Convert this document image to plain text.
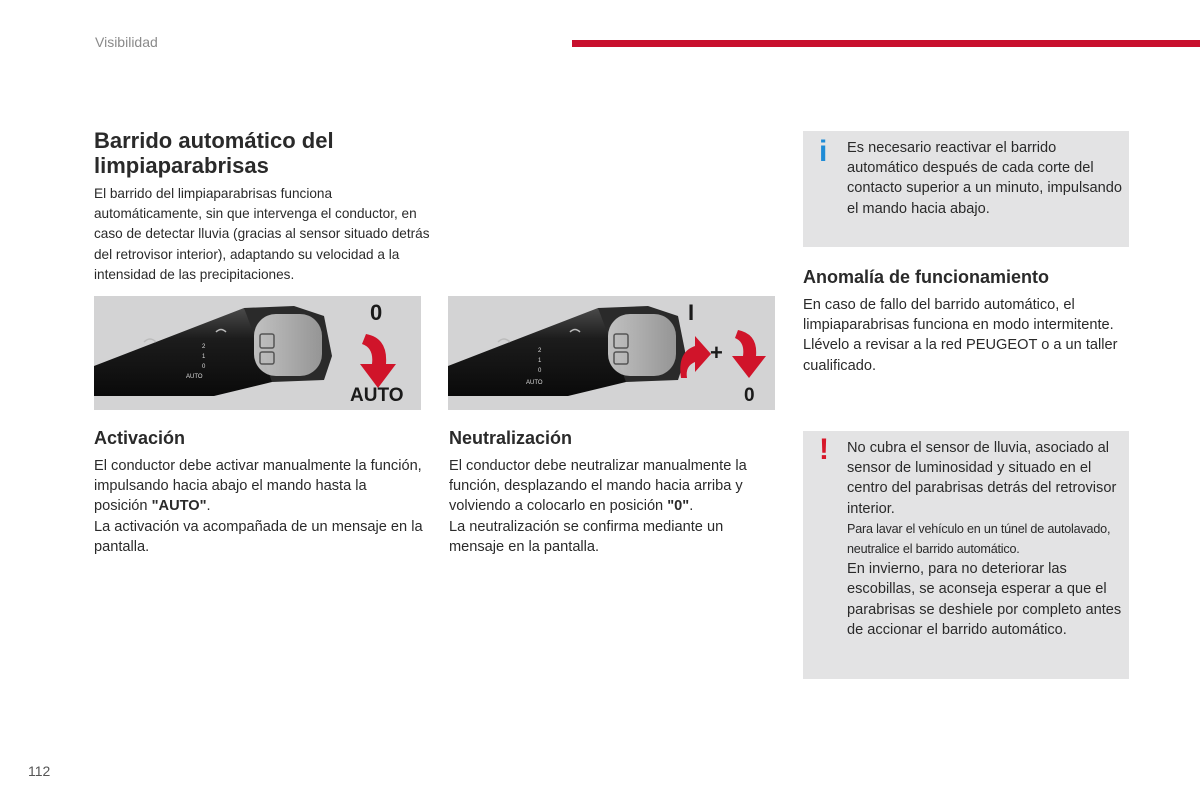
Visibilidad
Barrido automático del limpiaparabrisas

El barrido del limpiaparabrisas funciona automáticamente, sin que intervenga el conductor, en caso de detectar lluvia (gracias al sensor situado detrás del retrovisor interior), adaptando su velocidad a la intensidad de las precipitaciones.

AUTO
1
2
0
0
AUTO
AUTO
1
2
0
I
+
0
Activación

El conductor debe activar manualmente la función, impulsando hacia abajo el mando hasta la posición "AUTO".

La activación va acompañada de un mensaje en la pantalla.

Neutralización

El conductor debe neutralizar manualmente la función, desplazando el mando hacia arriba y volviendo a colocarlo en posición "0".

La neutralización se confirma mediante un mensaje en la pantalla.

i Es necesario reactivar el barrido automático después de cada corte del contacto superior a un minuto, impulsando el mando hacia abajo.

Anomalía de funcionamiento

En caso de fallo del barrido automático, el limpiaparabrisas funciona en modo intermitente.

Llévelo a revisar a la red PEUGEOT o a un taller cualificado.

! No cubra el sensor de lluvia, asociado al sensor de luminosidad y situado en el centro del parabrisas detrás del retrovisor interior.

Para lavar el vehículo en un túnel de autolavado, neutralice el barrido automático.

En invierno, para no deteriorar las escobillas, se aconseja esperar a que el parabrisas se deshiele por completo antes de accionar el barrido automático.

112
